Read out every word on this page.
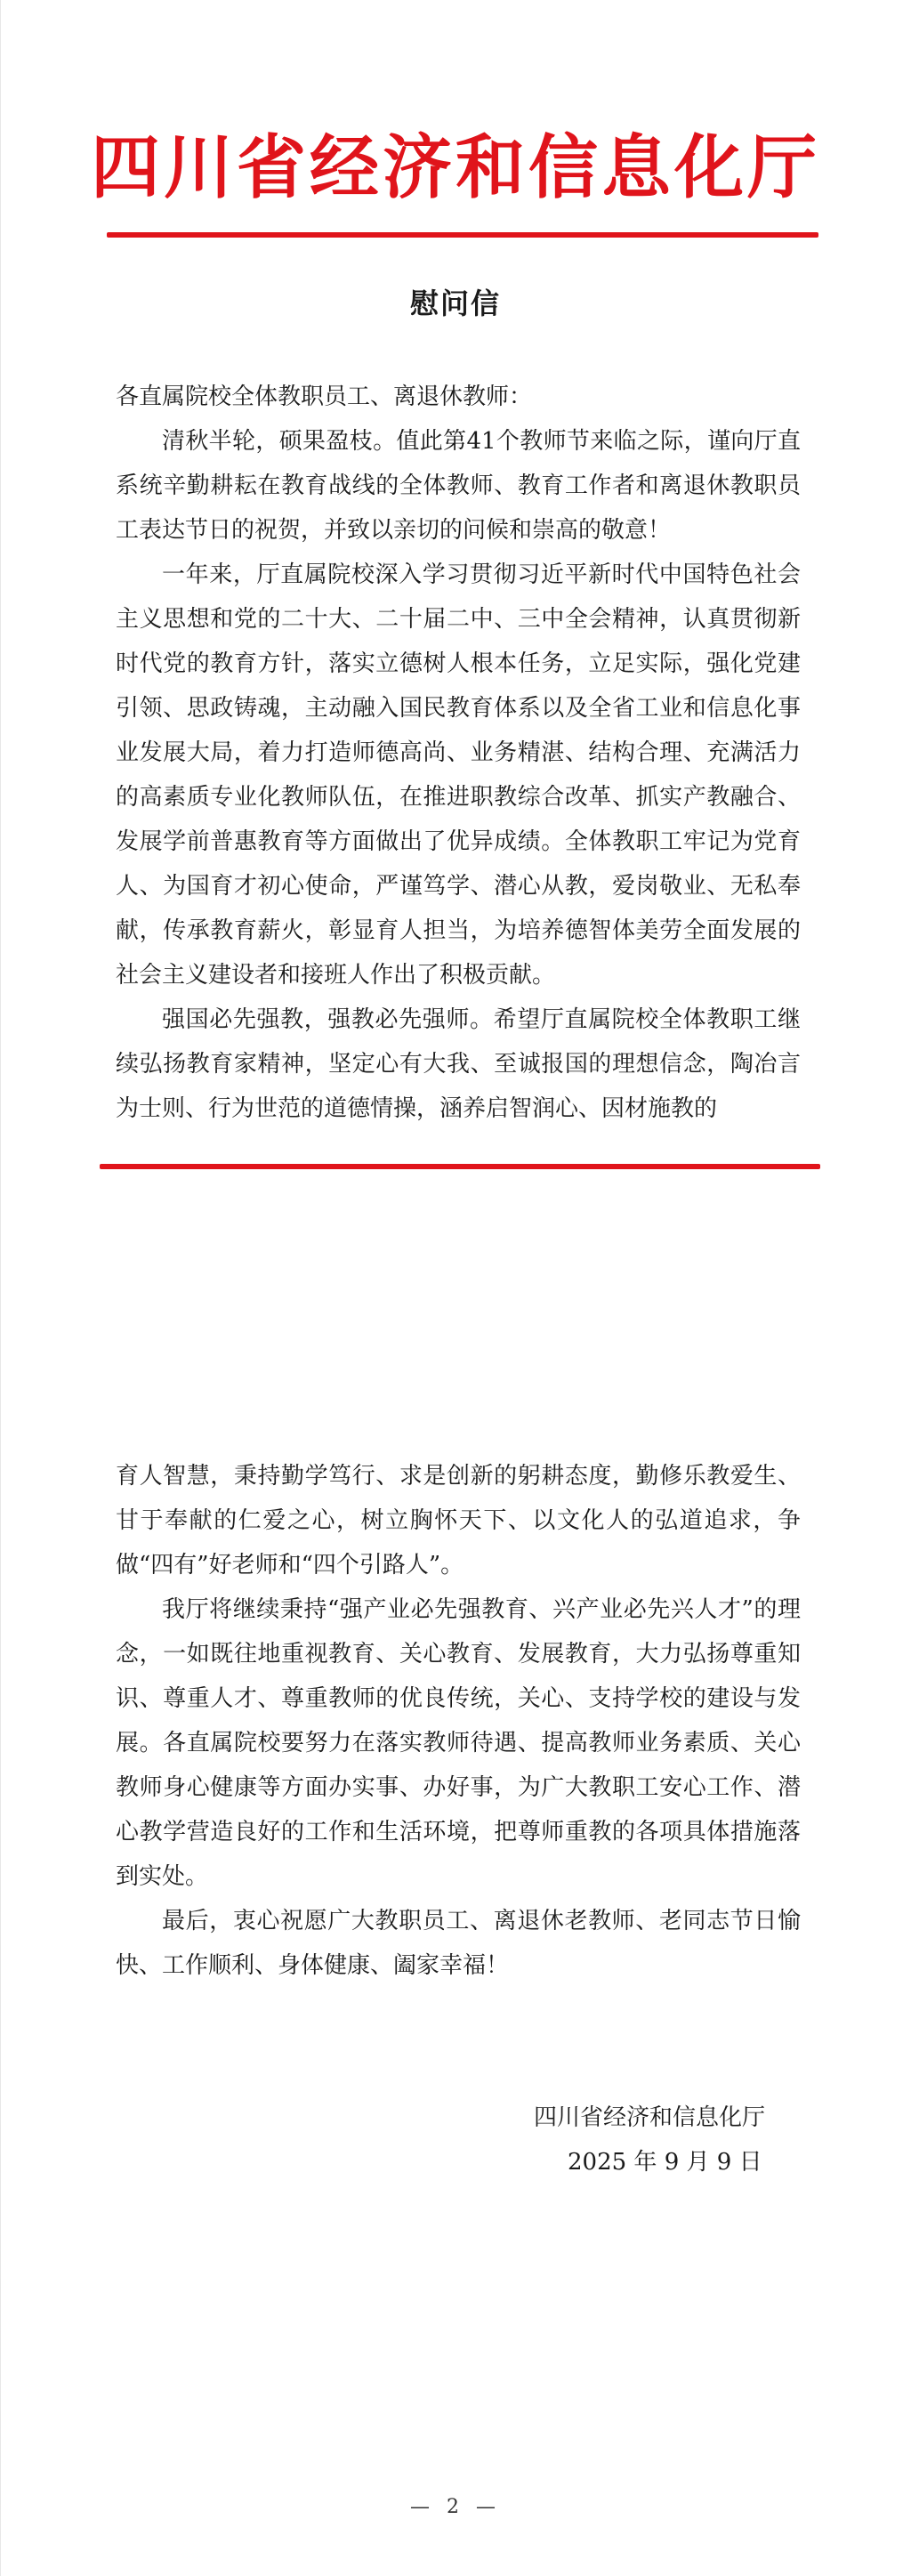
四川省经济和信息化厅
慰问信

各直属院校全体教职员工、离退休教师：

清秋半轮，硕果盈枝。值此第41个教师节来临之际，谨向厅直系统辛勤耕耘在教育战线的全体教师、教育工作者和离退休教职员工表达节日的祝贺，并致以亲切的问候和崇高的敬意！

一年来，厅直属院校深入学习贯彻习近平新时代中国特色社会主义思想和党的二十大、二十届二中、三中全会精神，认真贯彻新时代党的教育方针，落实立德树人根本任务，立足实际，强化党建引领、思政铸魂，主动融入国民教育体系以及全省工业和信息化事业发展大局，着力打造师德高尚、业务精湛、结构合理、充满活力的高素质专业化教师队伍，在推进职教综合改革、抓实产教融合、发展学前普惠教育等方面做出了优异成绩。全体教职工牢记为党育人、为国育才初心使命，严谨笃学、潜心从教，爱岗敬业、无私奉献，传承教育薪火，彰显育人担当，为培养德智体美劳全面发展的社会主义建设者和接班人作出了积极贡献。

强国必先强教，强教必先强师。希望厅直属院校全体教职工继续弘扬教育家精神，坚定心有大我、至诚报国的理想信念，陶冶言为士则、行为世范的道德情操，涵养启智润心、因材施教的

育人智慧，秉持勤学笃行、求是创新的躬耕态度，勤修乐教爱生、甘于奉献的仁爱之心，树立胸怀天下、以文化人的弘道追求，争做“四有”好老师和“四个引路人”。

我厅将继续秉持“强产业必先强教育、兴产业必先兴人才”的理念，一如既往地重视教育、关心教育、发展教育，大力弘扬尊重知识、尊重人才、尊重教师的优良传统，关心、支持学校的建设与发展。各直属院校要努力在落实教师待遇、提高教师业务素质、关心教师身心健康等方面办实事、办好事，为广大教职工安心工作、潜心教学营造良好的工作和生活环境，把尊师重教的各项具体措施落到实处。

最后，衷心祝愿广大教职员工、离退休老教师、老同志节日愉快、工作顺利、身体健康、阖家幸福！

四川省经济和信息化厅

2025 年 9 月 9 日

— 2 —
